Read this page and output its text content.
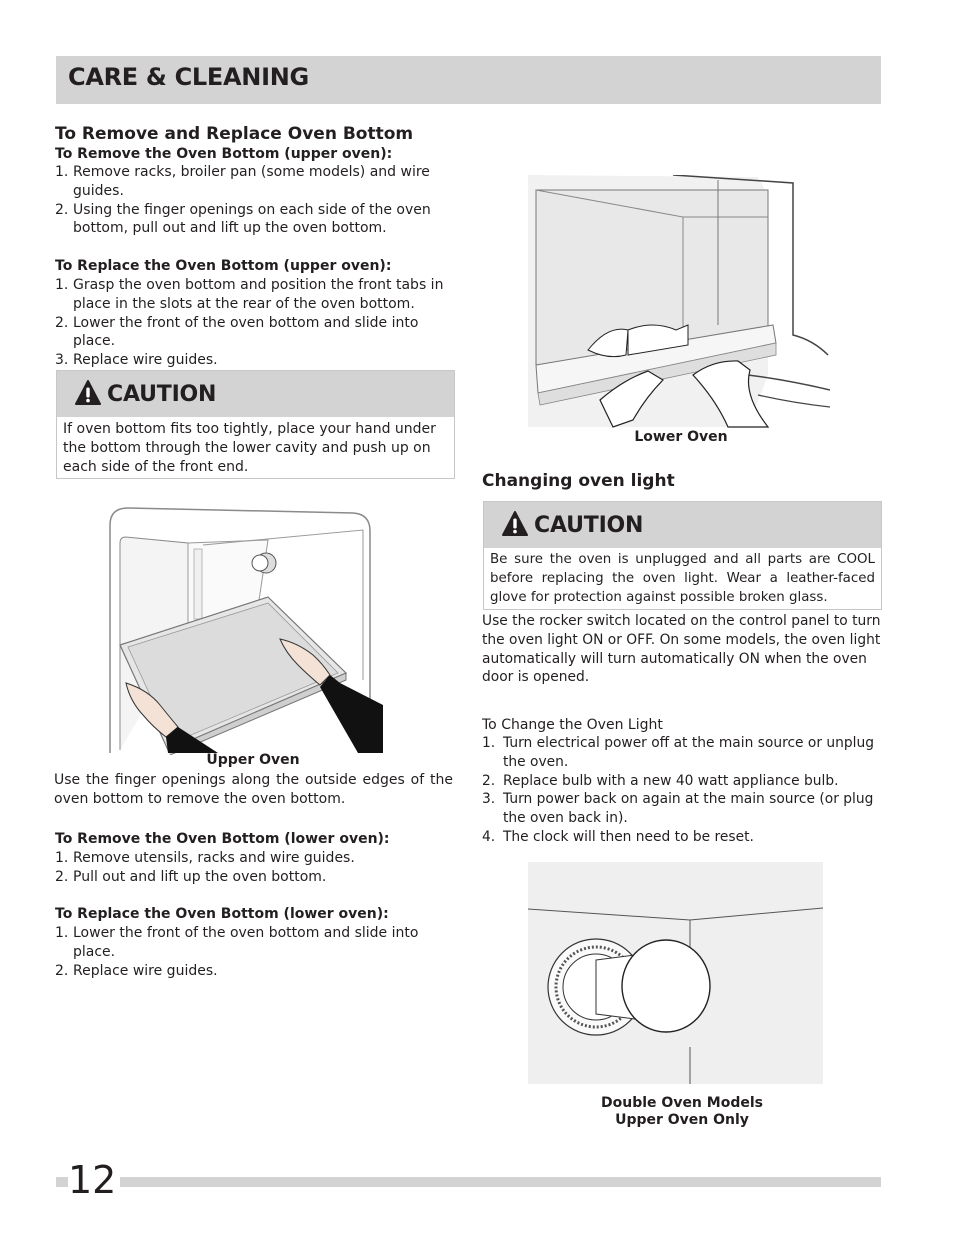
CARE & CLEANING
To Remove and Replace Oven Bottom
To Remove the Oven Bottom (upper oven):
1. Remove racks, broiler pan (some models) and wire guides.
2. Using the finger openings on each side of the oven bottom, pull out and lift up the oven bottom.
To Replace the Oven Bottom (upper oven):
1. Grasp the oven bottom and position the front tabs in place in the slots at the rear of the oven bottom.
2. Lower the front of the oven bottom and slide into place.
3. Replace wire guides.
CAUTION
If oven bottom fits too tightly, place your hand under the bottom through the lower cavity and push up on each side of the front end.
Upper Oven
Use the finger openings along the outside edges of the oven bottom to remove the oven bottom.
To Remove the Oven Bottom (lower oven):
1. Remove utensils, racks and wire guides.
2. Pull out and lift up the oven bottom.
To Replace the Oven Bottom (lower oven):
1. Lower the front of the oven bottom and slide into place.
2. Replace wire guides.
Lower Oven
Changing oven light
CAUTION
Be sure the oven is unplugged and all parts are COOL before replacing the oven light. Wear a leather-faced glove for protection against possible broken glass.
Use the rocker switch located on the control panel to turn the oven light ON or OFF. On some models, the oven light automatically will turn automatically ON when the oven door is opened.
To Change the Oven Light
1. Turn electrical power off at the main source or unplug the oven.
2. Replace bulb with a new 40 watt appliance bulb.
3. Turn power back on again at the main source (or plug the oven back in).
4. The clock will then need to be reset.
Double Oven Models
Upper Oven Only
12
